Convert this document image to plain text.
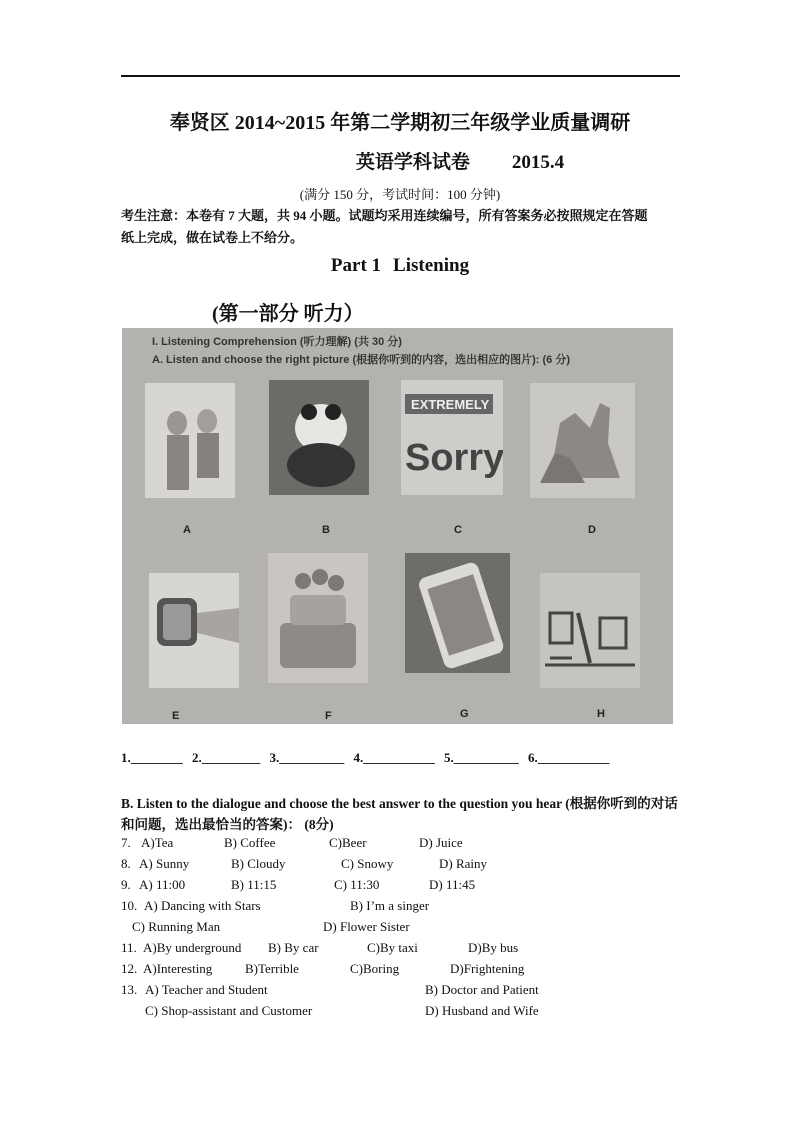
奉贤区 2014~2015 年第二学期初三年级学业质量调研
英语学科试卷 2015.4
(满分 150 分，考试时间：100 分钟)
考生注意：本卷有 7 大题，共 94 小题。试题均采用连续编号，所有答案务必按照规定在答题
纸上完成，做在试卷上不给分。
Part 1 Listening
(第一部分 听力）
I. Listening Comprehension (听力理解) (共 30 分)
A. Listen and choose the right picture (根据你听到的内容，选出相应的图片): (6 分)
EXTREMELY
Sorry
A	B	C	D
E	F	G	H
1.________ 2._________ 3.__________ 4.___________ 5.__________ 6.___________
B. Listen to the dialogue and choose the best answer to the question you hear (根据你听到的对话和问题，选出最恰当的答案)： (8分)
7. A)Tea	B) Coffee	C)Beer	D) Juice
8. A) Sunny	B) Cloudy	C) Snowy	D) Rainy
9. A) 11:00	B) 11:15	C) 11:30	D) 11:45
10. A) Dancing with Stars	B) I’m a singer
C) Running Man	D) Flower Sister
11. A)By underground B) By car	C)By taxi	D)By bus
12. A)Interesting	B)Terrible	C)Boring	D)Frightening
13. A) Teacher and Student	B) Doctor and Patient
C) Shop-assistant and Customer	D) Husband and Wife
